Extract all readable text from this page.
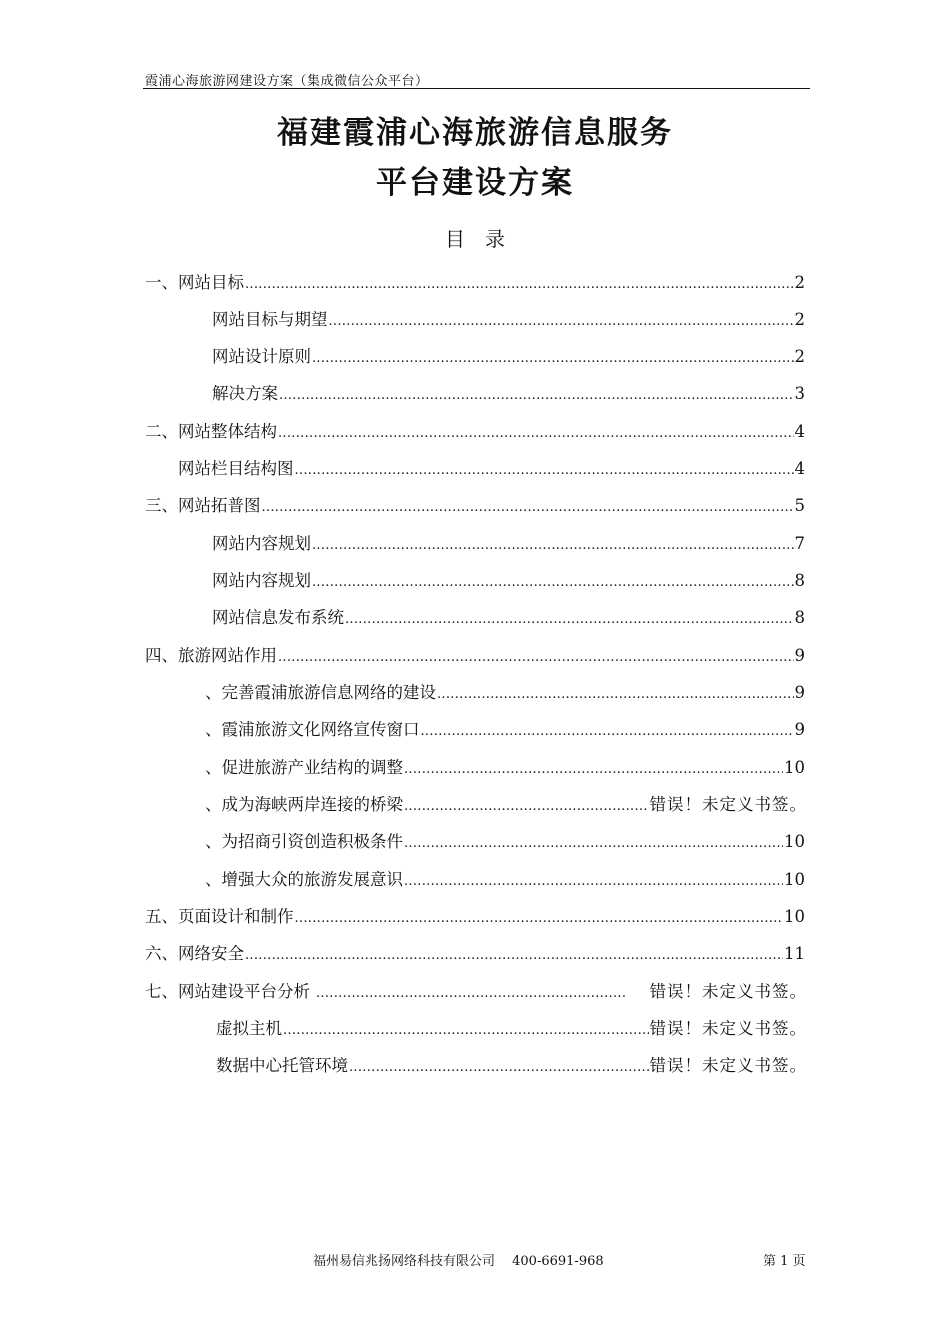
霞浦心海旅游网建设方案（集成微信公众平台）
福建霞浦心海旅游信息服务
平台建设方案
目　录
一、网站目标 .....	2
网站目标与期望 .....	2
网站设计原则 .....	2
解决方案 .....	3
二、网站整体结构 .....	4
网站栏目结构图 .....	4
三、网站拓普图 .....	5
网站内容规划 .....	7
网站内容规划 .....	8
网站信息发布系统 .....	8
四、旅游网站作用 .....	9
、完善霞浦旅游信息网络的建设 .....	9
、霞浦旅游文化网络宣传窗口 .....	9
、促进旅游产业结构的调整 .....	10
、成为海峡两岸连接的桥梁 .....	错误！未定义书签。
、为招商引资创造积极条件 .....	10
、增强大众的旅游发展意识 .....	10
五、页面设计和制作 .....	10
六、网络安全 .....	11
七、网站建设平台分析 .....	错误！未定义书签。
虚拟主机 .....	错误！未定义书签。
数据中心托管环境 .....	错误！未定义书签。
福州易信兆扬网络科技有限公司　 400-6691-968	第 1 页
